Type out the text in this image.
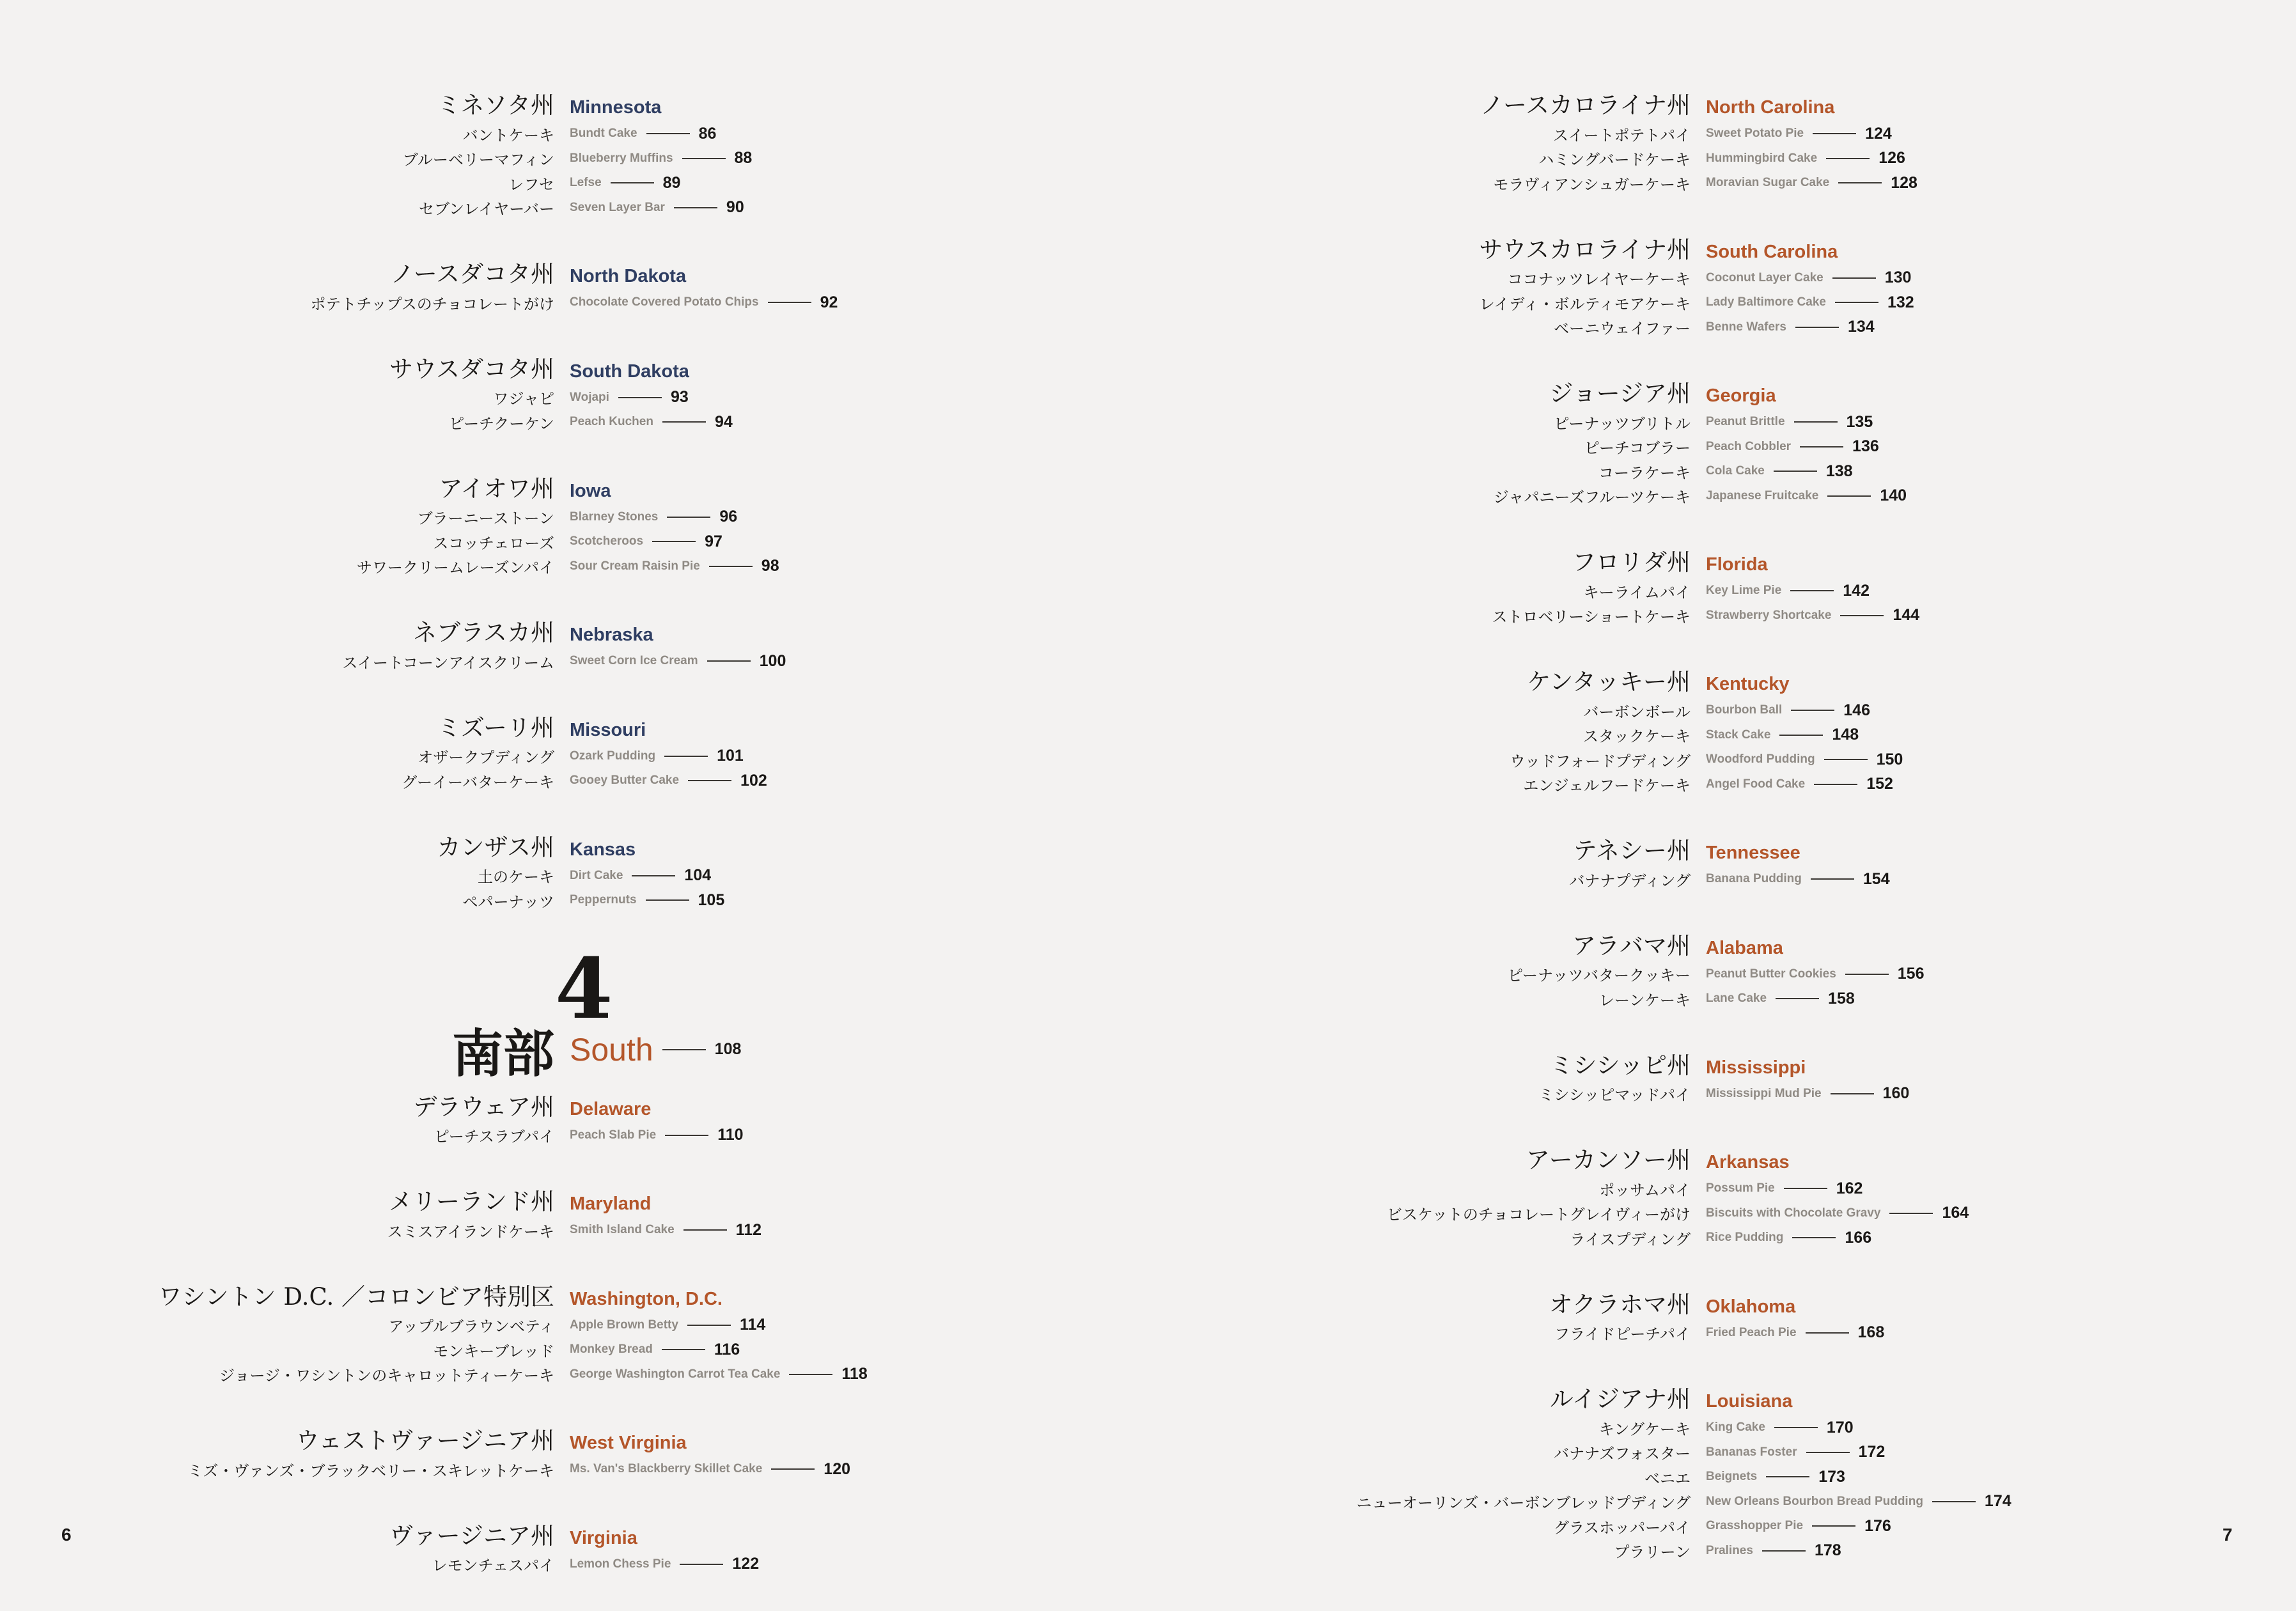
ミネソタ州 Minnesota
バントケーキ	Bundt Cake	86
ブルーベリーマフィン	Blueberry Muffins	88
レフセ	Lefse	89
セブンレイヤーバー	Seven Layer Bar	90
ノースダコタ州 North Dakota
ポテトチップスのチョコレートがけ	Chocolate Covered Potato Chips	92
サウスダコタ州 South Dakota
ワジャピ	Wojapi	93
ピーチクーケン	Peach Kuchen	94
アイオワ州 Iowa
ブラーニーストーン	Blarney Stones	96
スコッチェローズ	Scotcheroos	97
サワークリームレーズンパイ	Sour Cream Raisin Pie	98
ネブラスカ州 Nebraska
スイートコーンアイスクリーム	Sweet Corn Ice Cream	100
ミズーリ州 Missouri
オザークプディング	Ozark Pudding	101
グーイーバターケーキ	Gooey Butter Cake	102
カンザス州 Kansas
土のケーキ	Dirt Cake	104
ペパーナッツ	Peppernuts	105
4
南部 South	108
デラウェア州 Delaware
ピーチスラブパイ	Peach Slab Pie	110
メリーランド州 Maryland
スミスアイランドケーキ	Smith Island Cake	112
ワシントン D.C. ／コロンビア特別区 Washington, D.C.
アップルブラウンベティ	Apple Brown Betty	114
モンキーブレッド	Monkey Bread	116
ジョージ・ワシントンのキャロットティーケーキ	George Washington Carrot Tea Cake	118
ウェストヴァージニア州 West Virginia
ミズ・ヴァンズ・ブラックベリー・スキレットケーキ	Ms. Van's Blackberry Skillet Cake	120
ヴァージニア州 Virginia
レモンチェスパイ	Lemon Chess Pie	122
ノースカロライナ州 North Carolina
スイートポテトパイ	Sweet Potato Pie	124
ハミングバードケーキ	Hummingbird Cake	126
モラヴィアンシュガーケーキ	Moravian Sugar Cake	128
サウスカロライナ州 South Carolina
ココナッツレイヤーケーキ	Coconut Layer Cake	130
レイディ・ボルティモアケーキ	Lady Baltimore Cake	132
ベーニウェイファー	Benne Wafers	134
ジョージア州 Georgia
ピーナッツブリトル	Peanut Brittle	135
ピーチコブラー	Peach Cobbler	136
コーラケーキ	Cola Cake	138
ジャパニーズフルーツケーキ	Japanese Fruitcake	140
フロリダ州 Florida
キーライムパイ	Key Lime Pie	142
ストロベリーショートケーキ	Strawberry Shortcake	144
ケンタッキー州 Kentucky
バーボンボール	Bourbon Ball	146
スタックケーキ	Stack Cake	148
ウッドフォードプディング	Woodford Pudding	150
エンジェルフードケーキ	Angel Food Cake	152
テネシー州 Tennessee
バナナプディング	Banana Pudding	154
アラバマ州 Alabama
ピーナッツバタークッキー	Peanut Butter Cookies	156
レーンケーキ	Lane Cake	158
ミシシッピ州 Mississippi
ミシシッピマッドパイ	Mississippi Mud Pie	160
アーカンソー州 Arkansas
ポッサムパイ	Possum Pie	162
ビスケットのチョコレートグレイヴィーがけ	Biscuits with Chocolate Gravy	164
ライスプディング	Rice Pudding	166
オクラホマ州 Oklahoma
フライドピーチパイ	Fried Peach Pie	168
ルイジアナ州 Louisiana
キングケーキ	King Cake	170
バナナズフォスター	Bananas Foster	172
ベニエ	Beignets	173
ニューオーリンズ・バーボンブレッドプディング	New Orleans Bourbon Bread Pudding	174
グラスホッパーパイ	Grasshopper Pie	176
プラリーン	Pralines	178
6	7
